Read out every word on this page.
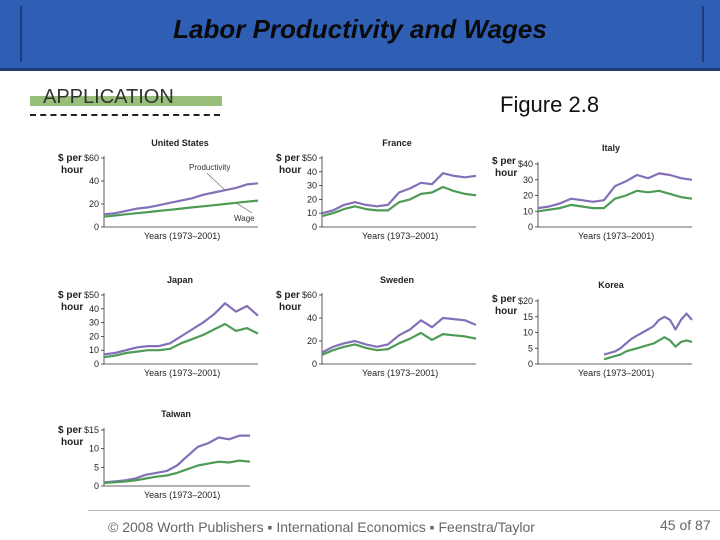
Labor Productivity and Wages
APPLICATION	Figure 2.8
United States
$ per
hour
0
20
40
$60
Years (1973–2001)
Productivity
Wage
France
$ per
hour
0
10
20
30
40
$50
Years (1973–2001)
Italy
$ per
hour
0
10
20
30
$40
Years (1973–2001)
Japan
$ per
hour
0
10
20
30
40
$50
Years (1973–2001)
Sweden
$ per
hour
0
20
40
$60
Years (1973–2001)
Korea
$ per
hour
0
5
10
15
$20
Years (1973–2001)
Taiwan
$ per
hour
0
5
10
$15
Years (1973–2001)
© 2008 Worth Publishers ▪ International Economics ▪ Feenstra/Taylor	45 of 87
